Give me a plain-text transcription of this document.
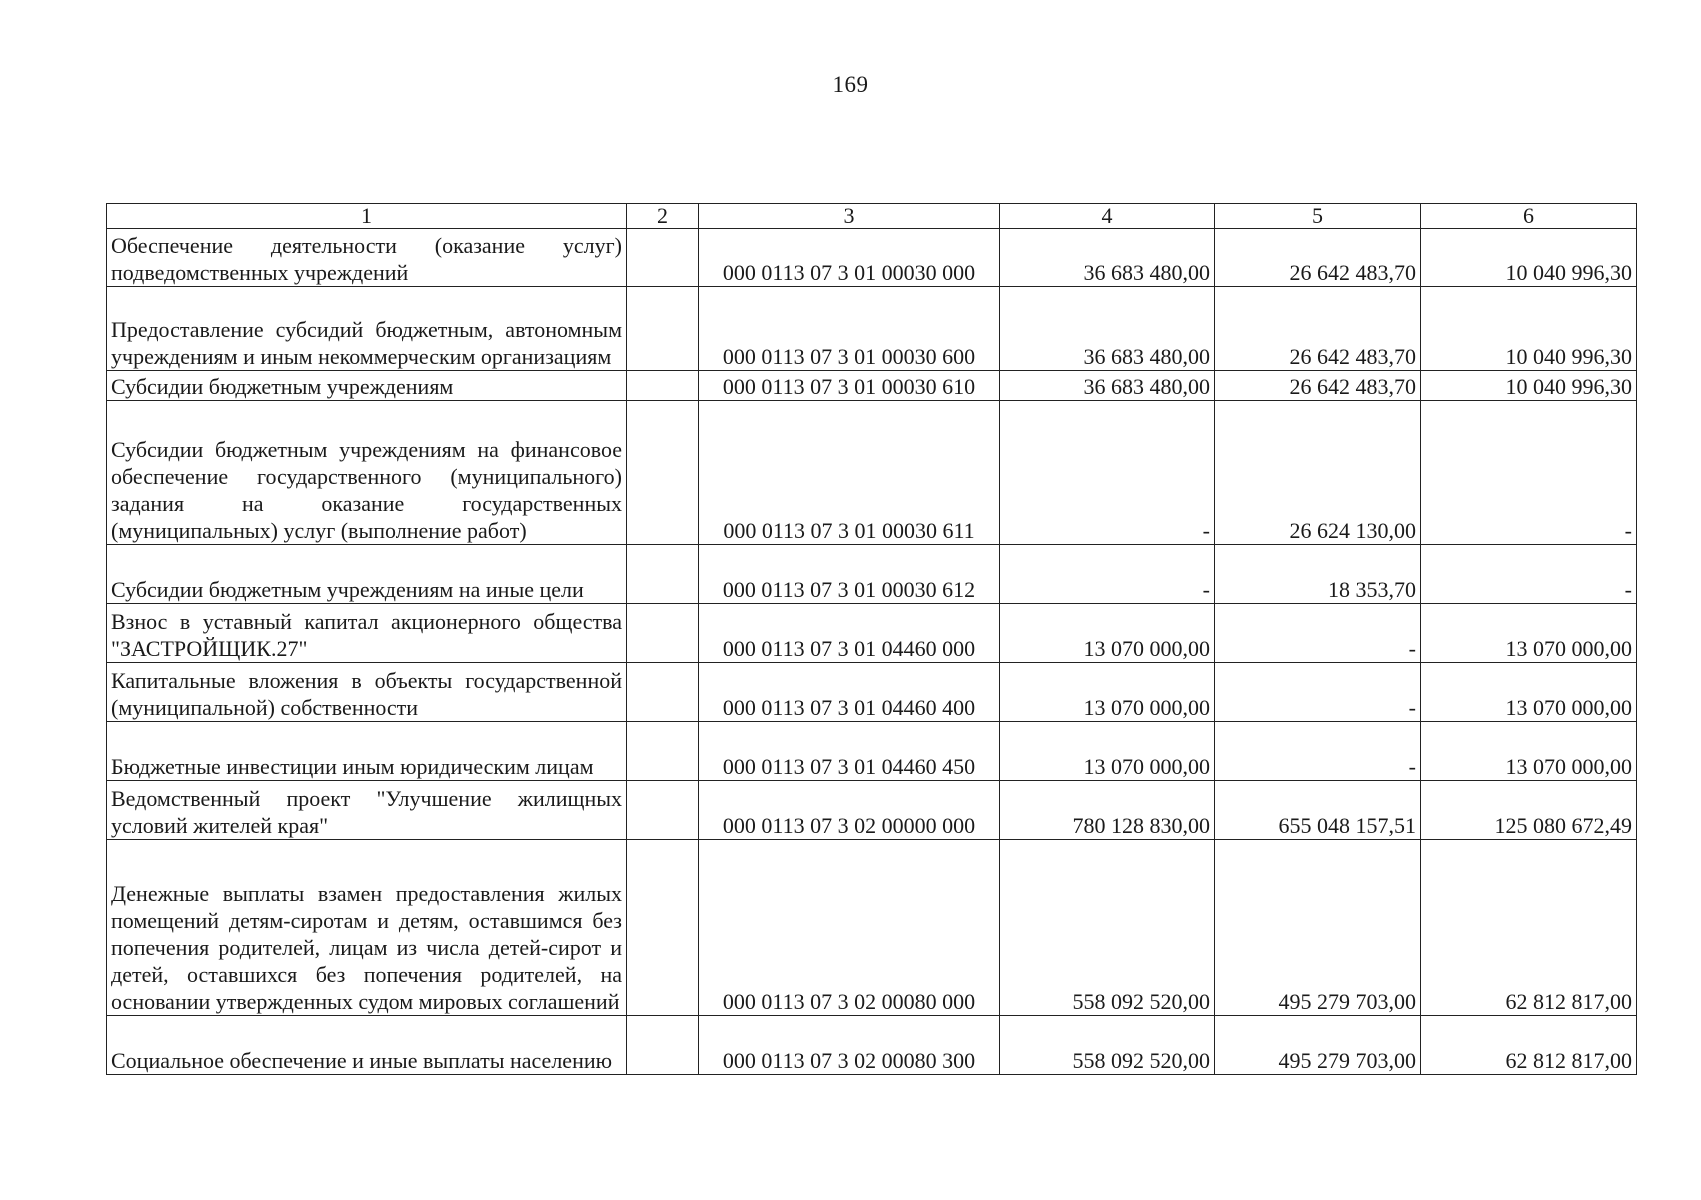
169
1	2	3	4	5	6
Обеспечение деятельности (оказание услуг) подведомственных учреждений		000 0113 07 3 01 00030 000	36 683 480,00	26 642 483,70	10 040 996,30
Предоставление субсидий бюджетным, автономным учреждениям и иным некоммерческим организациям		000 0113 07 3 01 00030 600	36 683 480,00	26 642 483,70	10 040 996,30
Субсидии бюджетным учреждениям		000 0113 07 3 01 00030 610	36 683 480,00	26 642 483,70	10 040 996,30
Субсидии бюджетным учреждениям на финансовое обеспечение государственного (муниципального) задания на оказание государственных (муниципальных) услуг (выполнение работ)		000 0113 07 3 01 00030 611	-	26 624 130,00	-
Субсидии бюджетным учреждениям на иные цели		000 0113 07 3 01 00030 612	-	18 353,70	-
Взнос в уставный капитал акционерного общества "ЗАСТРОЙЩИК.27"		000 0113 07 3 01 04460 000	13 070 000,00	-	13 070 000,00
Капитальные вложения в объекты государственной (муниципальной) собственности		000 0113 07 3 01 04460 400	13 070 000,00	-	13 070 000,00
Бюджетные инвестиции иным юридическим лицам		000 0113 07 3 01 04460 450	13 070 000,00	-	13 070 000,00
Ведомственный проект "Улучшение жилищных условий жителей края"		000 0113 07 3 02 00000 000	780 128 830,00	655 048 157,51	125 080 672,49
Денежные выплаты взамен предоставления жилых помещений детям-сиротам и детям, оставшимся без попечения родителей, лицам из числа детей-сирот и детей, оставшихся без попечения родителей, на основании утвержденных судом мировых соглашений		000 0113 07 3 02 00080 000	558 092 520,00	495 279 703,00	62 812 817,00
Социальное обеспечение и иные выплаты населению		000 0113 07 3 02 00080 300	558 092 520,00	495 279 703,00	62 812 817,00
